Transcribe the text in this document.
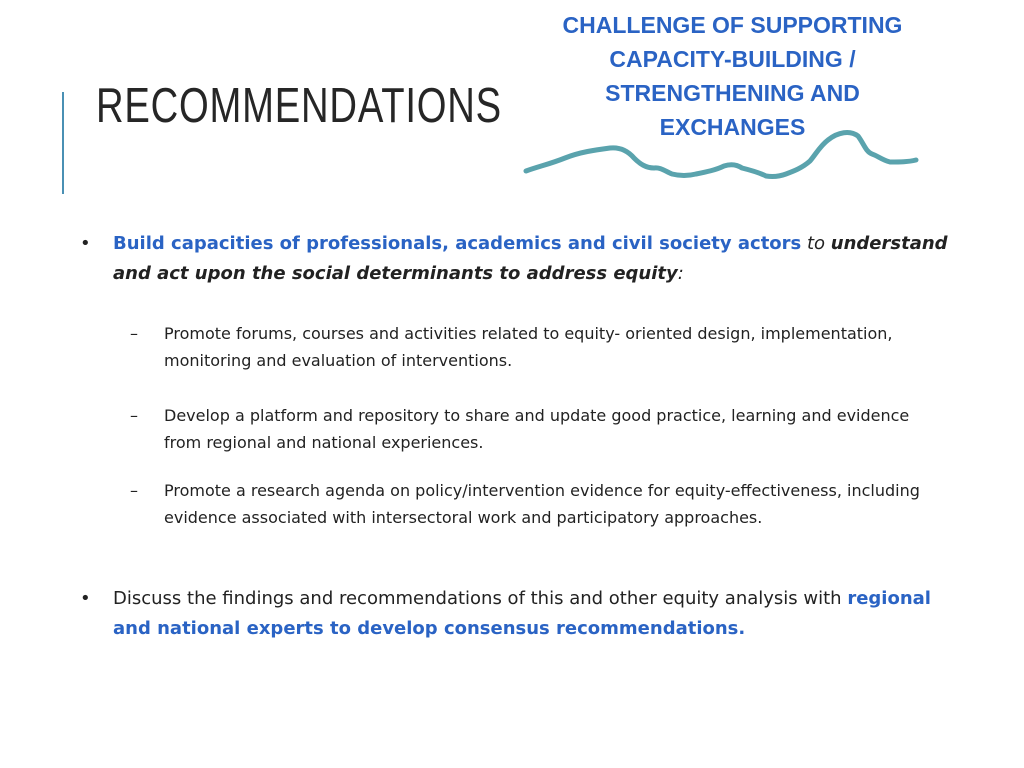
RECOMMENDATIONS
CHALLENGE OF SUPPORTING
CAPACITY-BUILDING /
STRENGTHENING AND
EXCHANGES
• Build capacities of professionals, academics and civil society actors to understand and act upon the social determinants to address equity:
– Promote forums, courses and activities related to equity- oriented design, implementation, monitoring and evaluation of interventions.
– Develop a platform and repository to share and update good practice, learning and evidence from regional and national experiences.
– Promote a research agenda on policy/intervention evidence for equity-effectiveness, including evidence associated with intersectoral work and participatory approaches.
• Discuss the findings and recommendations of this and other equity analysis with regional and national experts to develop consensus recommendations.
